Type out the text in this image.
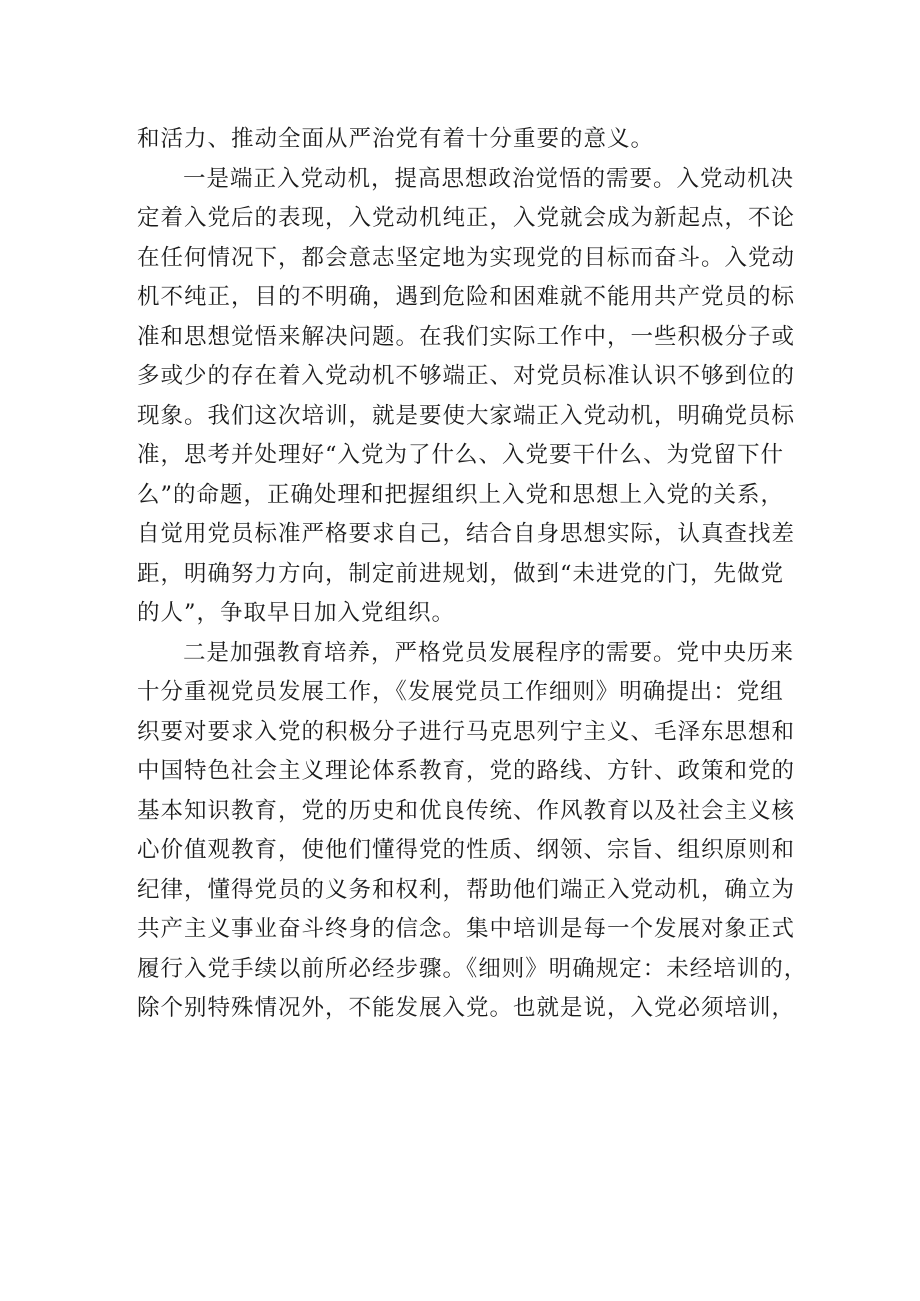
和活力、推动全面从严治党有着十分重要的意义。
一是端正入党动机，提高思想政治觉悟的需要。入党动机决
定着入党后的表现，入党动机纯正，入党就会成为新起点，不论
在任何情况下，都会意志坚定地为实现党的目标而奋斗。入党动
机不纯正，目的不明确，遇到危险和困难就不能用共产党员的标
准和思想觉悟来解决问题。在我们实际工作中，一些积极分子或
多或少的存在着入党动机不够端正、对党员标准认识不够到位的
现象。我们这次培训，就是要使大家端正入党动机，明确党员标
准，思考并处理好“入党为了什么、入党要干什么、为党留下什
么”的命题，正确处理和把握组织上入党和思想上入党的关系，
自觉用党员标准严格要求自己，结合自身思想实际，认真查找差
距，明确努力方向，制定前进规划，做到“未进党的门，先做党
的人”，争取早日加入党组织。
二是加强教育培养，严格党员发展程序的需要。党中央历来
十分重视党员发展工作，《发展党员工作细则》明确提出：党组
织要对要求入党的积极分子进行马克思列宁主义、毛泽东思想和
中国特色社会主义理论体系教育，党的路线、方针、政策和党的
基本知识教育，党的历史和优良传统、作风教育以及社会主义核
心价值观教育，使他们懂得党的性质、纲领、宗旨、组织原则和
纪律，懂得党员的义务和权利，帮助他们端正入党动机，确立为
共产主义事业奋斗终身的信念。集中培训是每一个发展对象正式
履行入党手续以前所必经步骤。《细则》明确规定：未经培训的，
除个别特殊情况外，不能发展入党。也就是说，入党必须培训，
